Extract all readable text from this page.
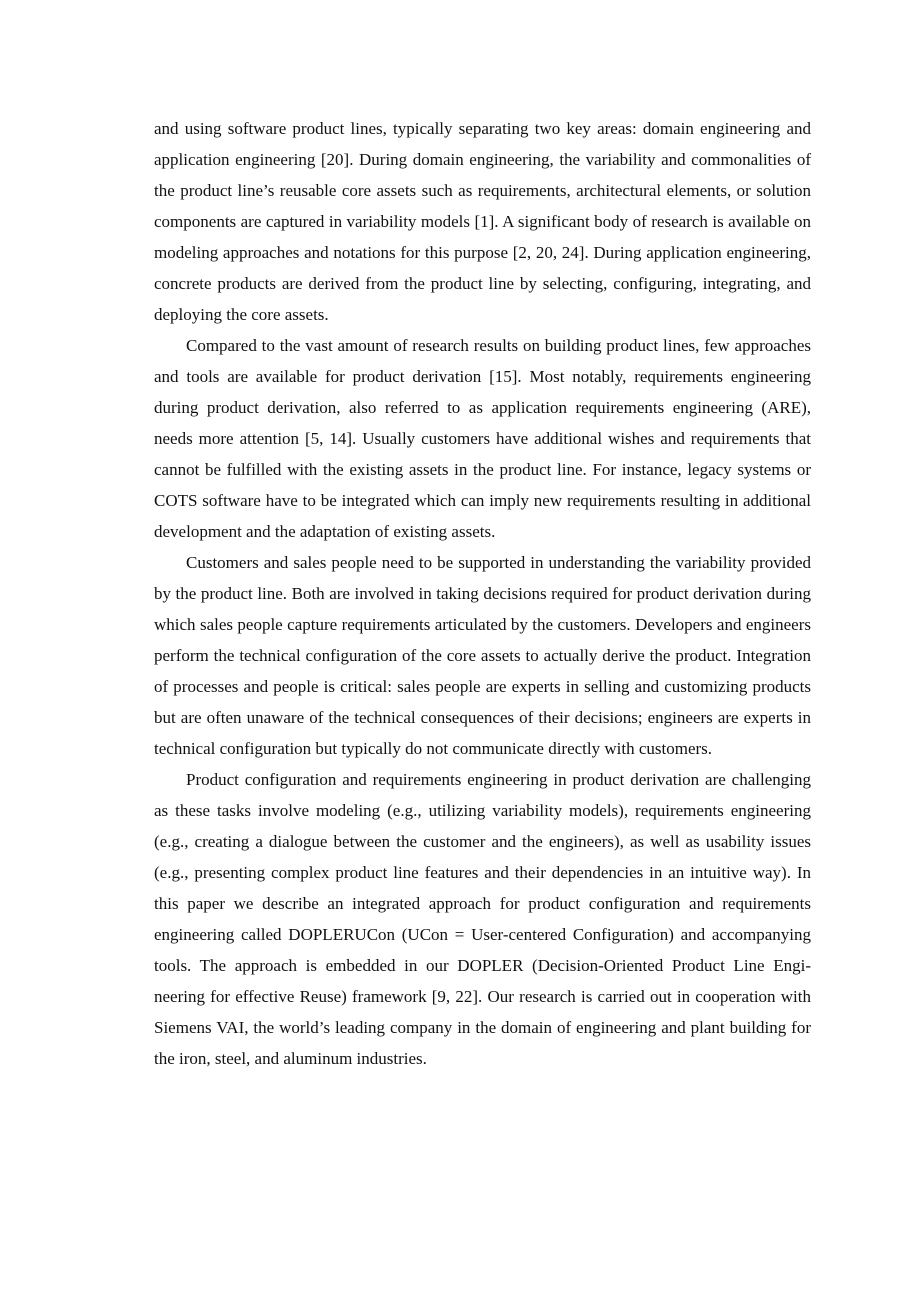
and using software product lines, typically separating two key areas: domain engineering and application engineering [20]. During domain engineering, the variability and commonalities of the product line’s reusable core assets such as requirements, architectural elements, or solution components are captured in variability models [1]. A significant body of research is available on modeling approaches and notations for this purpose [2, 20, 24]. During application engineering, concrete products are derived from the product line by selecting, configuring, integrating, and deploying the core assets.

Compared to the vast amount of research results on building product lines, few approaches and tools are available for product derivation [15]. Most notably, requirements engineering during product derivation, also referred to as application requirements engineering (ARE), needs more attention [5, 14]. Usually customers have additional wishes and requirements that cannot be fulfilled with the existing assets in the product line. For instance, legacy systems or COTS software have to be integrated which can imply new requirements resulting in additional development and the adaptation of existing assets.

Customers and sales people need to be supported in understanding the variability provided by the product line. Both are involved in taking decisions required for product derivation during which sales people capture requirements articulated by the customers. Developers and engineers perform the technical configuration of the core assets to actually derive the product. Integration of processes and people is critical: sales people are experts in selling and customizing products but are often unaware of the technical consequences of their decisions; engineers are experts in technical configuration but typically do not communicate directly with customers.

Product configuration and requirements engineering in product derivation are challenging as these tasks involve modeling (e.g., utilizing variability models), requirements engineering (e.g., creating a dialogue between the customer and the engineers), as well as usability issues (e.g., presenting complex product line features and their dependencies in an intuitive way). In this paper we describe an integrated approach for product configuration and requirements engineering called DOPLERUCon (UCon = User-centered Configuration) and accompanying tools. The approach is embedded in our DOPLER (Decision-Oriented Product Line Engi-neering for effective Reuse) framework [9, 22]. Our research is carried out in cooperation with Siemens VAI, the world’s leading company in the domain of engineering and plant building for the iron, steel, and aluminum industries.
